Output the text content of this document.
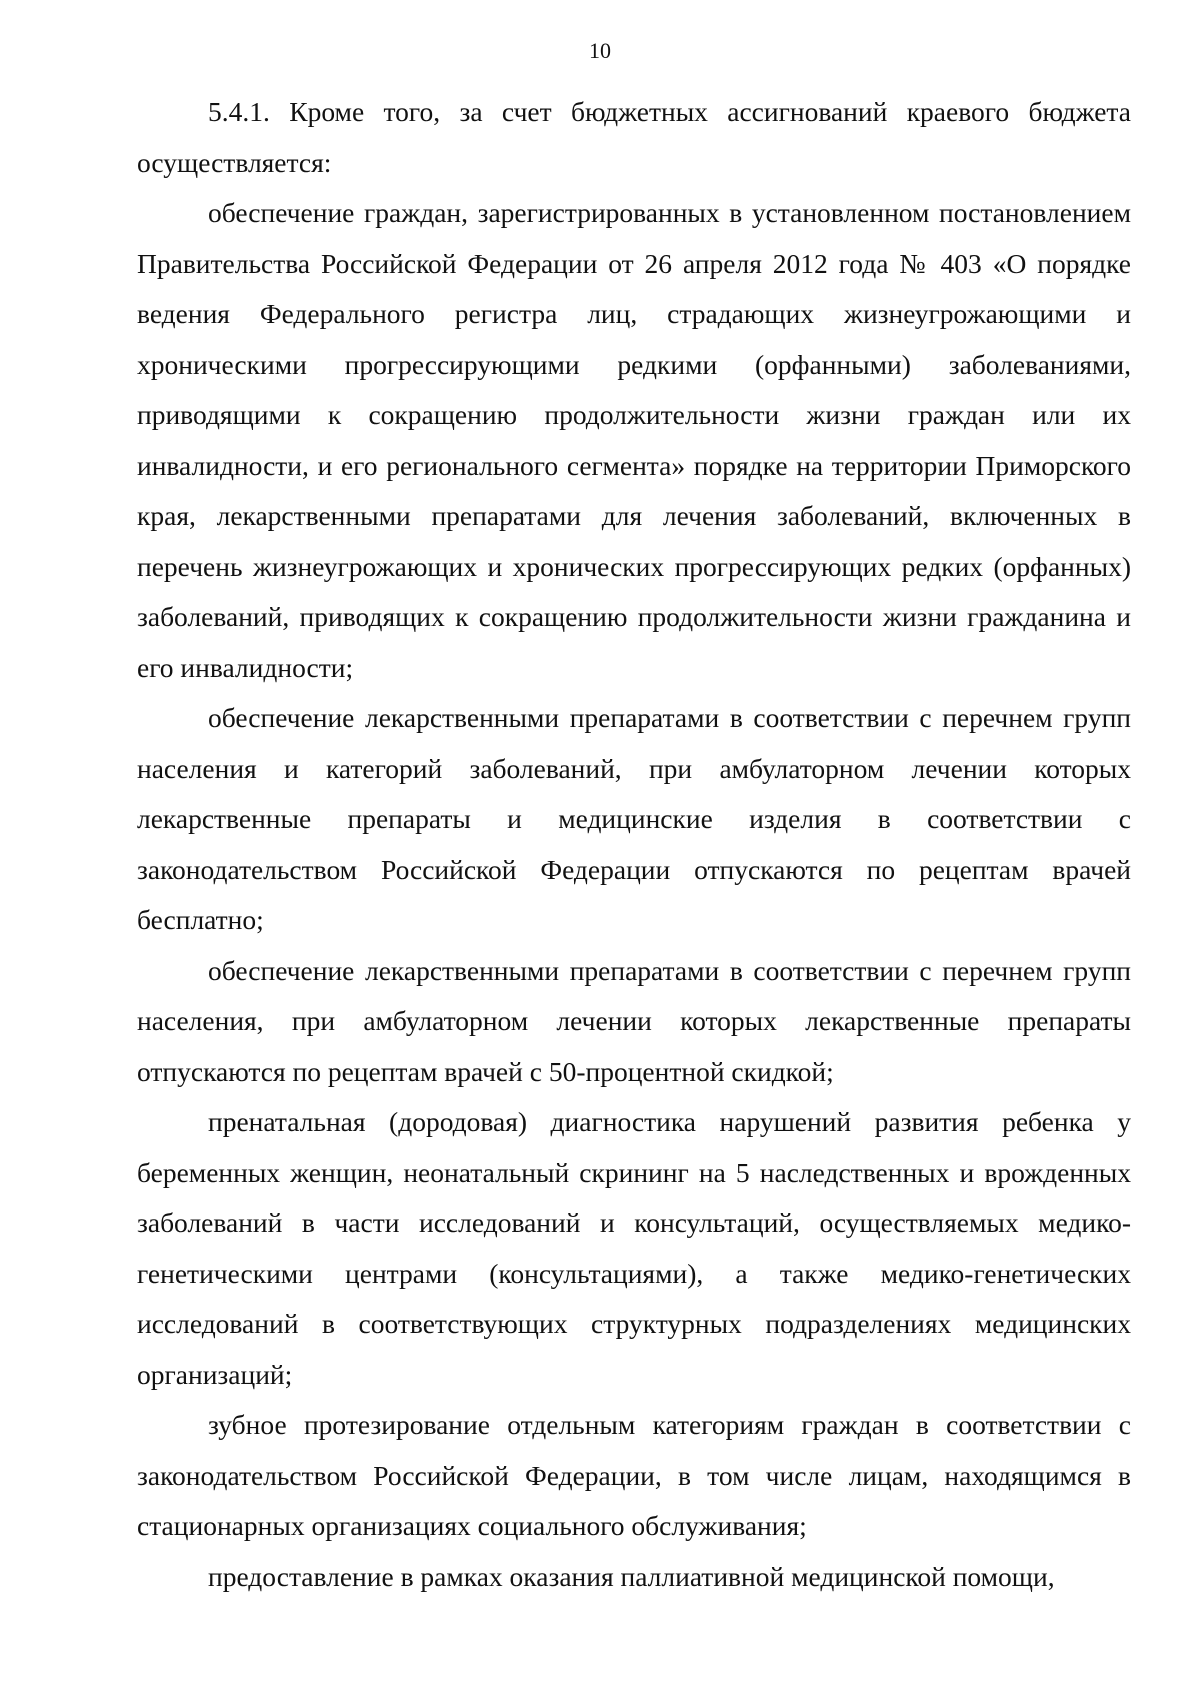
10

5.4.1. Кроме того, за счет бюджетных ассигнований краевого бюджета осуществляется:

обеспечение граждан, зарегистрированных в установленном постановлением Правительства Российской Федерации от 26 апреля 2012 года № 403 «О порядке ведения Федерального регистра лиц, страдающих жизнеугрожающими и хроническими прогрессирующими редкими (орфанными) заболеваниями, приводящими к сокращению продолжительности жизни граждан или их инвалидности, и его регионального сегмента» порядке на территории Приморского края, лекарственными препаратами для лечения заболеваний, включенных в перечень жизнеугрожающих и хронических прогрессирующих редких (орфанных) заболеваний, приводящих к сокращению продолжительности жизни гражданина и его инвалидности;

обеспечение лекарственными препаратами в соответствии с перечнем групп населения и категорий заболеваний, при амбулаторном лечении которых лекарственные препараты и медицинские изделия в соответствии с законодательством Российской Федерации отпускаются по рецептам врачей бесплатно;

обеспечение лекарственными препаратами в соответствии с перечнем групп населения, при амбулаторном лечении которых лекарственные препараты отпускаются по рецептам врачей с 50-процентной скидкой;

пренатальная (дородовая) диагностика нарушений развития ребенка у беременных женщин, неонатальный скрининг на 5 наследственных и врожденных заболеваний в части исследований и консультаций, осуществляемых медико-генетическими центрами (консультациями), а также медико-генетических исследований в соответствующих структурных подразделениях медицинских организаций;

зубное протезирование отдельным категориям граждан в соответствии с законодательством Российской Федерации, в том числе лицам, находящимся в стационарных организациях социального обслуживания;

предоставление в рамках оказания паллиативной медицинской помощи,
